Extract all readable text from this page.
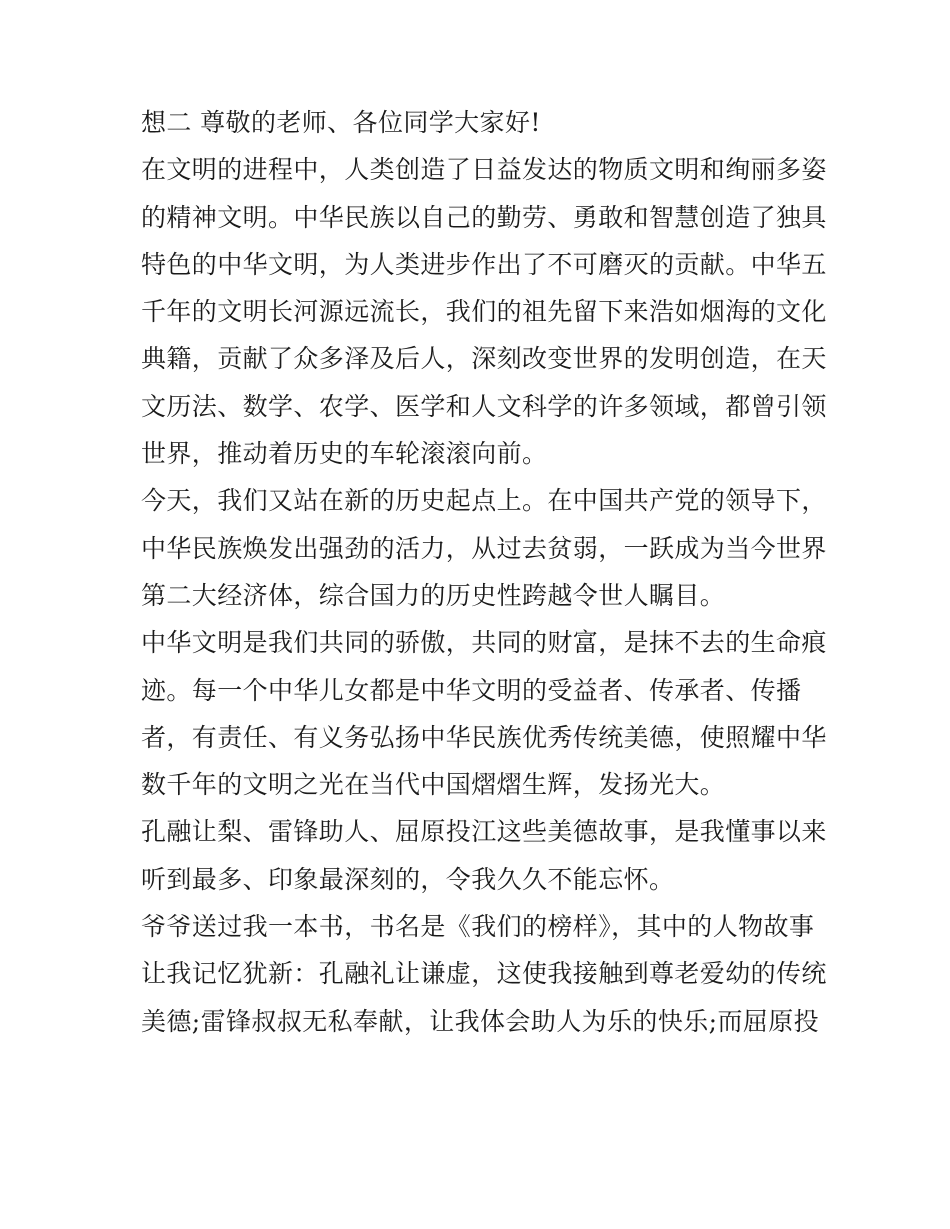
想二 尊敬的老师、各位同学大家好!
在文明的进程中，人类创造了日益发达的物质文明和绚丽多姿
的精神文明。中华民族以自己的勤劳、勇敢和智慧创造了独具
特色的中华文明，为人类进步作出了不可磨灭的贡献。中华五
千年的文明长河源远流长，我们的祖先留下来浩如烟海的文化
典籍，贡献了众多泽及后人，深刻改变世界的发明创造，在天
文历法、数学、农学、医学和人文科学的许多领域，都曾引领
世界，推动着历史的车轮滚滚向前。
今天，我们又站在新的历史起点上。在中国共产党的领导下，
中华民族焕发出强劲的活力，从过去贫弱，一跃成为当今世界
第二大经济体，综合国力的历史性跨越令世人瞩目。
中华文明是我们共同的骄傲，共同的财富，是抹不去的生命痕
迹。每一个中华儿女都是中华文明的受益者、传承者、传播
者，有责任、有义务弘扬中华民族优秀传统美德，使照耀中华
数千年的文明之光在当代中国熠熠生辉，发扬光大。
孔融让梨、雷锋助人、屈原投江这些美德故事，是我懂事以来
听到最多、印象最深刻的，令我久久不能忘怀。
爷爷送过我一本书，书名是《我们的榜样》，其中的人物故事
让我记忆犹新：孔融礼让谦虚，这使我接触到尊老爱幼的传统
美德;雷锋叔叔无私奉献，让我体会助人为乐的快乐;而屈原投
